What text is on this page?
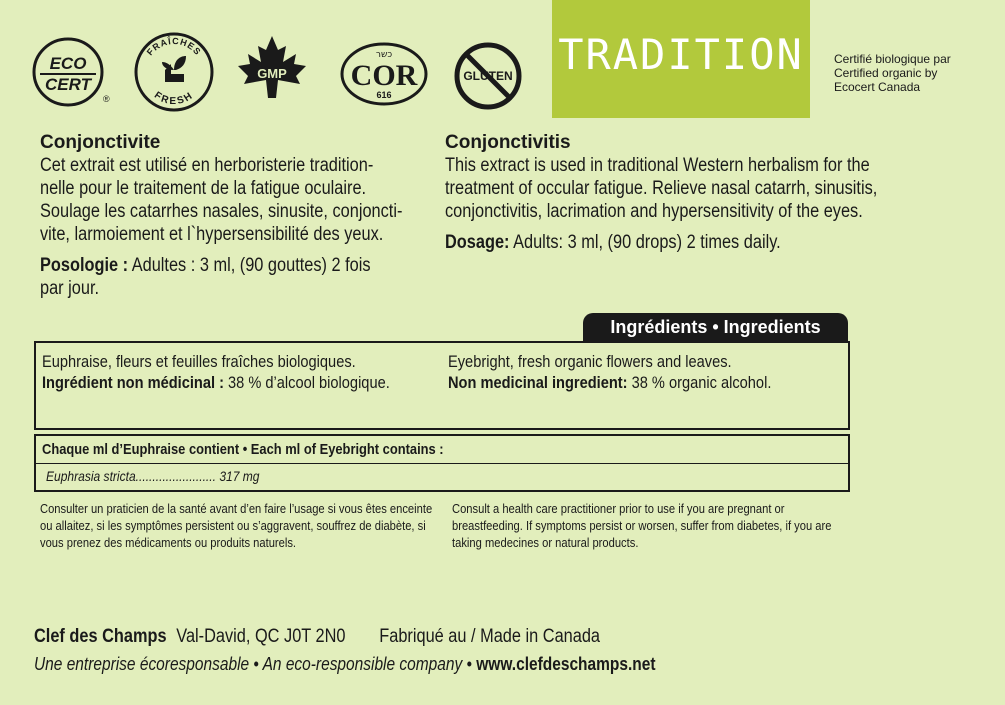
ECO
CERT
®
FRAÎCHES
FRESH
GMP
כשר
COR
616
GLUTEN TRADITION	Certifié biologique par
Certified organic by
Ecocert Canada
Conjonctivite
Cet extrait est utilisé en herboristerie tradition-
nelle pour le traitement de la fatigue oculaire.
Soulage les catarrhes nasales, sinusite, conjoncti-
vite, larmoiement et l`hypersensibilité des yeux.
Posologie : Adultes : 3 ml, (90 gouttes) 2 fois
par jour.
Conjonctivitis
This extract is used in traditional Western herbalism for the
treatment of occular fatigue. Relieve nasal catarrh, sinusitis,
conjonctivitis, lacrimation and hypersensitivity of the eyes.
Dosage: Adults: 3 ml, (90 drops) 2 times daily.
Ingrédients • Ingredients
Euphraise, fleurs et feuilles fraîches biologiques.
Ingrédient non médicinal : 38 % d’alcool biologique.
Eyebright, fresh organic flowers and leaves.
Non medicinal ingredient: 38 % organic alcohol.
Chaque ml d’Euphraise contient • Each ml of Eyebright contains :
Euphrasia stricta........................ 317 mg
Consulter un praticien de la santé avant d’en faire l’usage si vous êtes enceinte
ou allaitez, si les symptômes persistent ou s’aggravent, souffrez de diabète, si
vous prenez des médicaments ou produits naturels.
Consult a health care practitioner prior to use if you are pregnant or
breastfeeding. If symptoms persist or worsen, suffer from diabetes, if you are
taking medecines or natural products.
Clef des Champs Val-David, QC J0T 2N0 Fabriqué au / Made in Canada
Une entreprise écoresponsable • An eco-responsible company • www.clefdeschamps.net
